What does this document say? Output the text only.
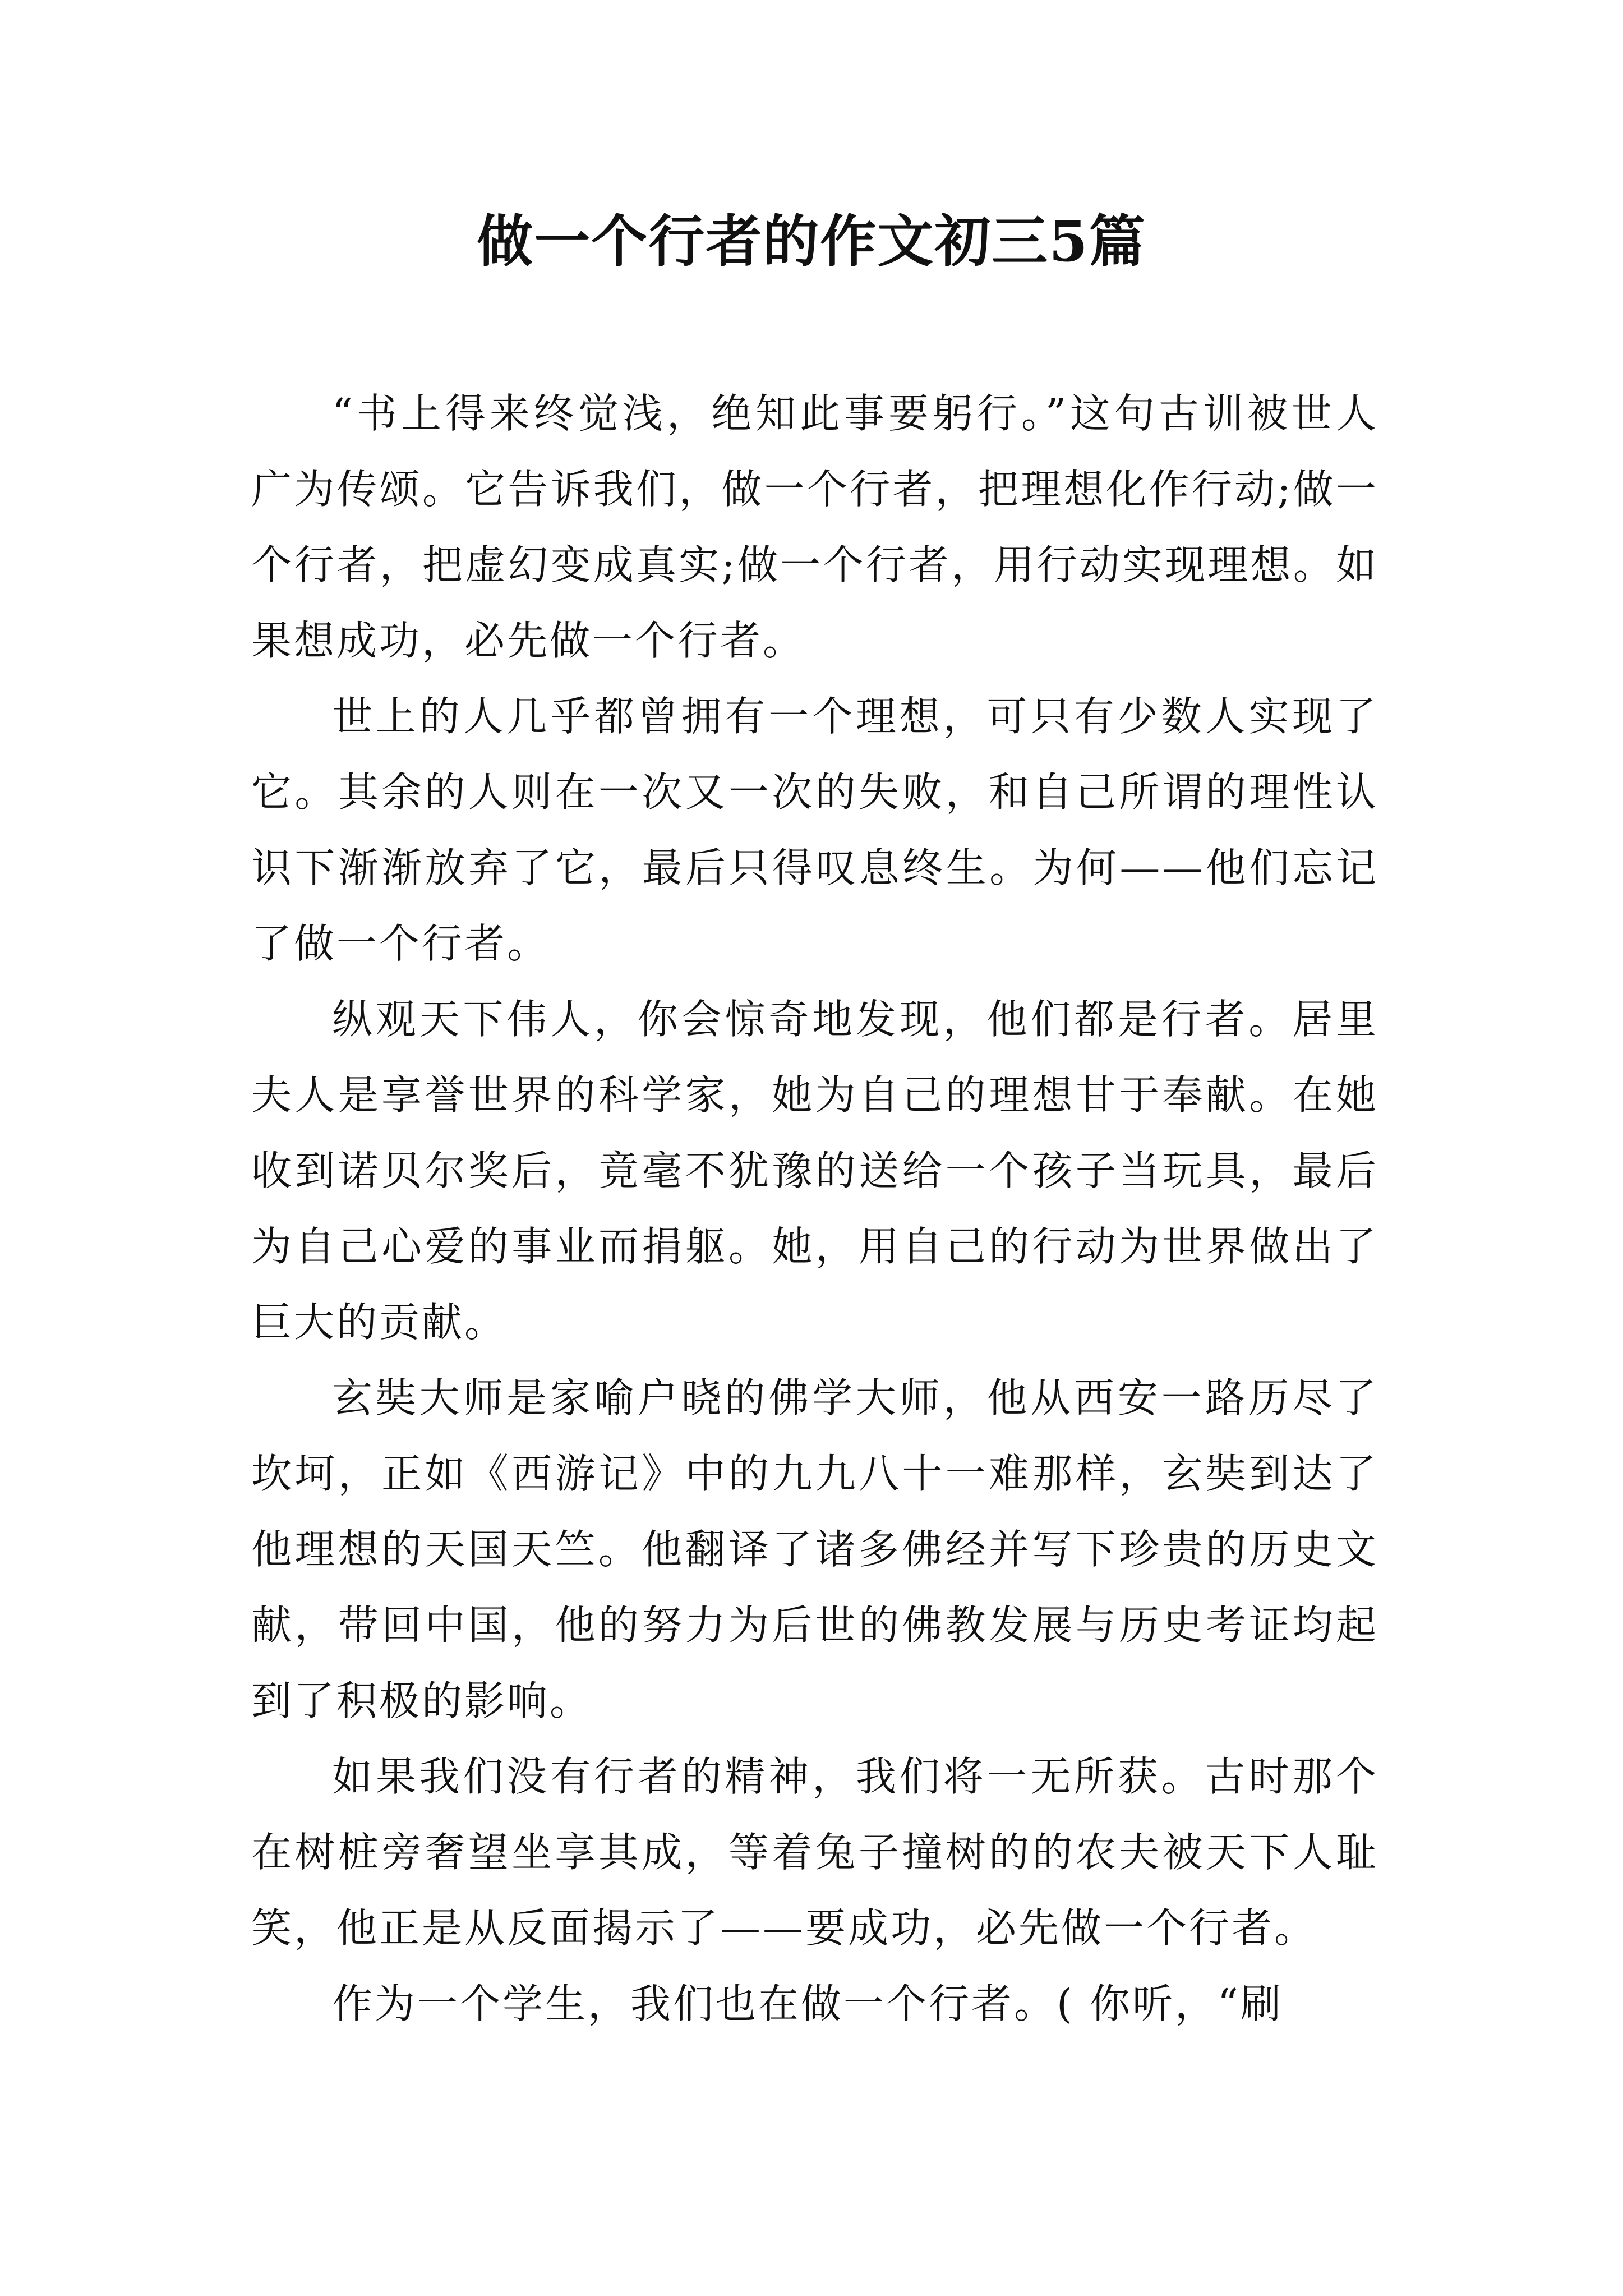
做一个行者的作文初三5篇

“书上得来终觉浅，绝知此事要躬行。”这句古训被世人广为传颂。它告诉我们，做一个行者，把理想化作行动;做一个行者，把虚幻变成真实;做一个行者，用行动实现理想。如果想成功，必先做一个行者。

世上的人几乎都曾拥有一个理想，可只有少数人实现了它。其余的人则在一次又一次的失败，和自己所谓的理性认识下渐渐放弃了它，最后只得叹息终生。为何——他们忘记了做一个行者。

纵观天下伟人，你会惊奇地发现，他们都是行者。居里夫人是享誉世界的科学家，她为自己的理想甘于奉献。在她收到诺贝尔奖后，竟毫不犹豫的送给一个孩子当玩具，最后为自己心爱的事业而捐躯。她，用自己的行动为世界做出了巨大的贡献。

玄奘大师是家喻户晓的佛学大师，他从西安一路历尽了坎坷，正如《西游记》中的九九八十一难那样，玄奘到达了他理想的天国天竺。他翻译了诸多佛经并写下珍贵的历史文献，带回中国，他的努力为后世的佛教发展与历史考证均起到了积极的影响。

如果我们没有行者的精神，我们将一无所获。古时那个在树桩旁奢望坐享其成，等着兔子撞树的的农夫被天下人耻笑，他正是从反面揭示了——要成功，必先做一个行者。

作为一个学生，我们也在做一个行者。( 你听，“刷
